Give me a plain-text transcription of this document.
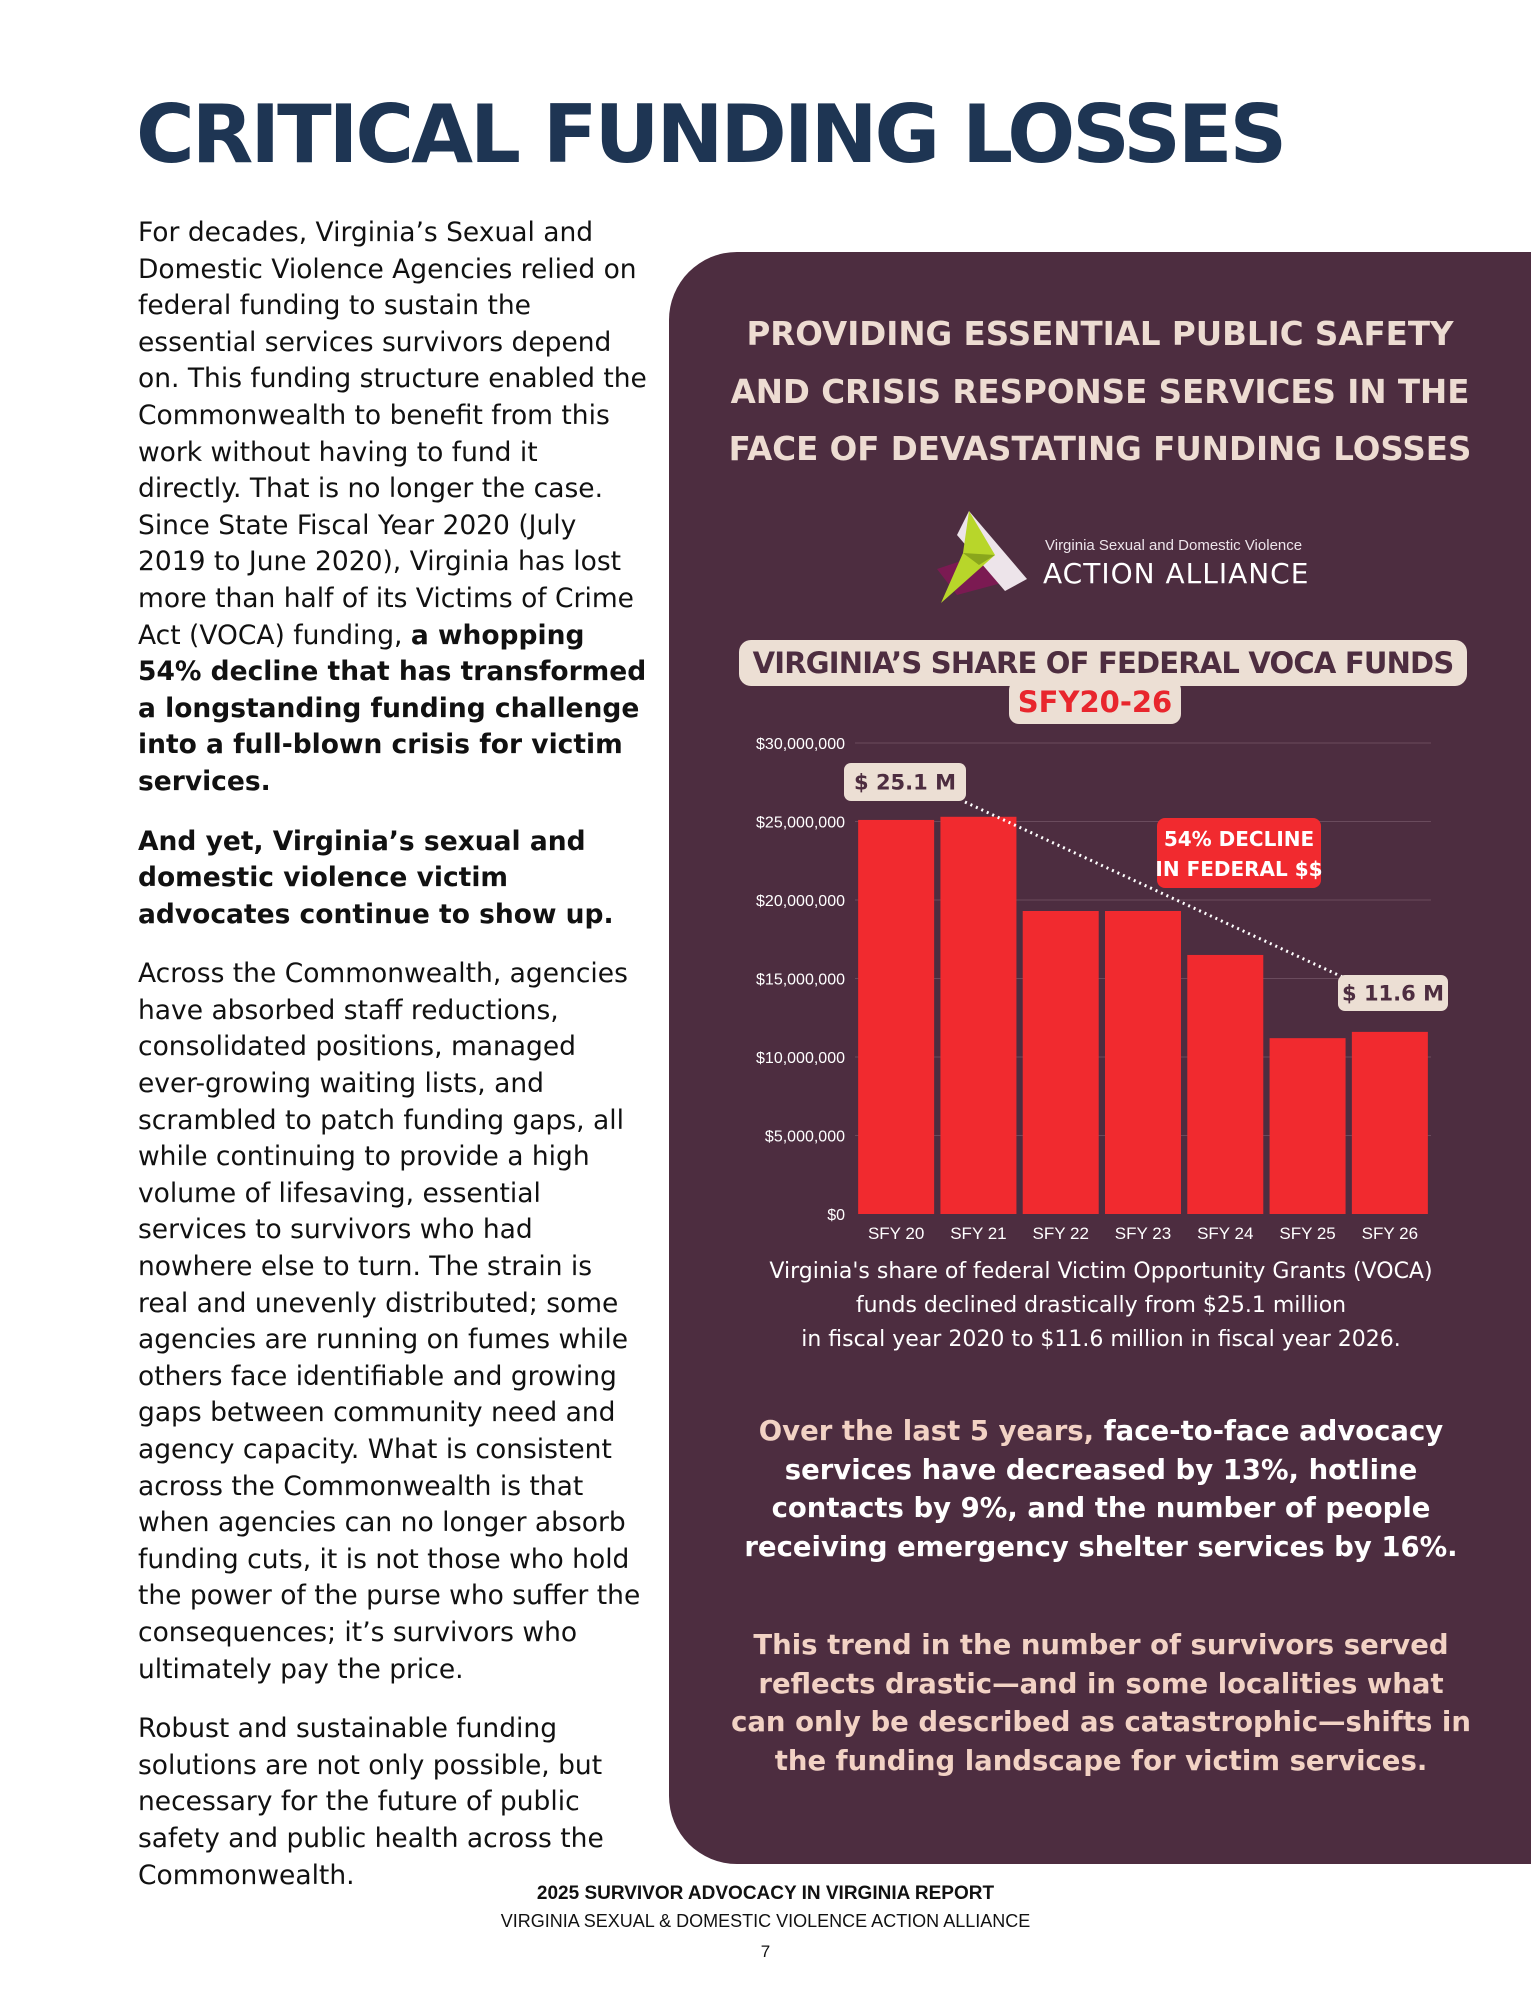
CRITICAL FUNDING LOSSES

For decades, Virginia’s Sexual and Domestic Violence Agencies relied on federal funding to sustain the essential services survivors depend on. This funding structure enabled the Commonwealth to benefit from this work without having to fund it directly. That is no longer the case. Since State Fiscal Year 2020 (July 2019 to June 2020), Virginia has lost more than half of its Victims of Crime Act (VOCA) funding, a whopping 54% decline that has transformed a longstanding funding challenge into a full-blown crisis for victim services.

And yet, Virginia’s sexual and domestic violence victim advocates continue to show up.

Across the Commonwealth, agencies have absorbed staff reductions, consolidated positions, managed ever-growing waiting lists, and scrambled to patch funding gaps, all while continuing to provide a high volume of lifesaving, essential services to survivors who had nowhere else to turn. The strain is real and unevenly distributed; some agencies are running on fumes while others face identifiable and growing gaps between community need and agency capacity. What is consistent across the Commonwealth is that when agencies can no longer absorb funding cuts, it is not those who hold the power of the purse who suffer the consequences; it’s survivors who ultimately pay the price.

Robust and sustainable funding solutions are not only possible, but necessary for the future of public safety and public health across the Commonwealth.

PROVIDING ESSENTIAL PUBLIC SAFETY
AND CRISIS RESPONSE SERVICES IN THE
FACE OF DEVASTATING FUNDING LOSSES
Virginia Sexual and Domestic Violence
ACTION ALLIANCE
VIRGINIA’S SHARE OF FEDERAL VOCA FUNDS
SFY20-26
$0
$5,000,000
$10,000,000
$15,000,000
$20,000,000
$25,000,000
$30,000,000
SFY 20 SFY 21 SFY 22 SFY 23 SFY 24 SFY 25 SFY 26
$ 25.1 M
$ 11.6 M
54% DECLINE
IN FEDERAL $$
Virginia's share of federal Victim Opportunity Grants (VOCA)
funds declined drastically from $25.1 million
in fiscal year 2020 to $11.6 million in fiscal year 2026.
Over the last 5 years, face-to-face advocacy services have decreased by 13%, hotline contacts by 9%, and the number of people receiving emergency shelter services by 16%.
This trend in the number of survivors served reflects drastic—and in some localities what can only be described as catastrophic—shifts in the funding landscape for victim services.
2025 SURVIVOR ADVOCACY IN VIRGINIA REPORT
VIRGINIA SEXUAL & DOMESTIC VIOLENCE ACTION ALLIANCE
7
